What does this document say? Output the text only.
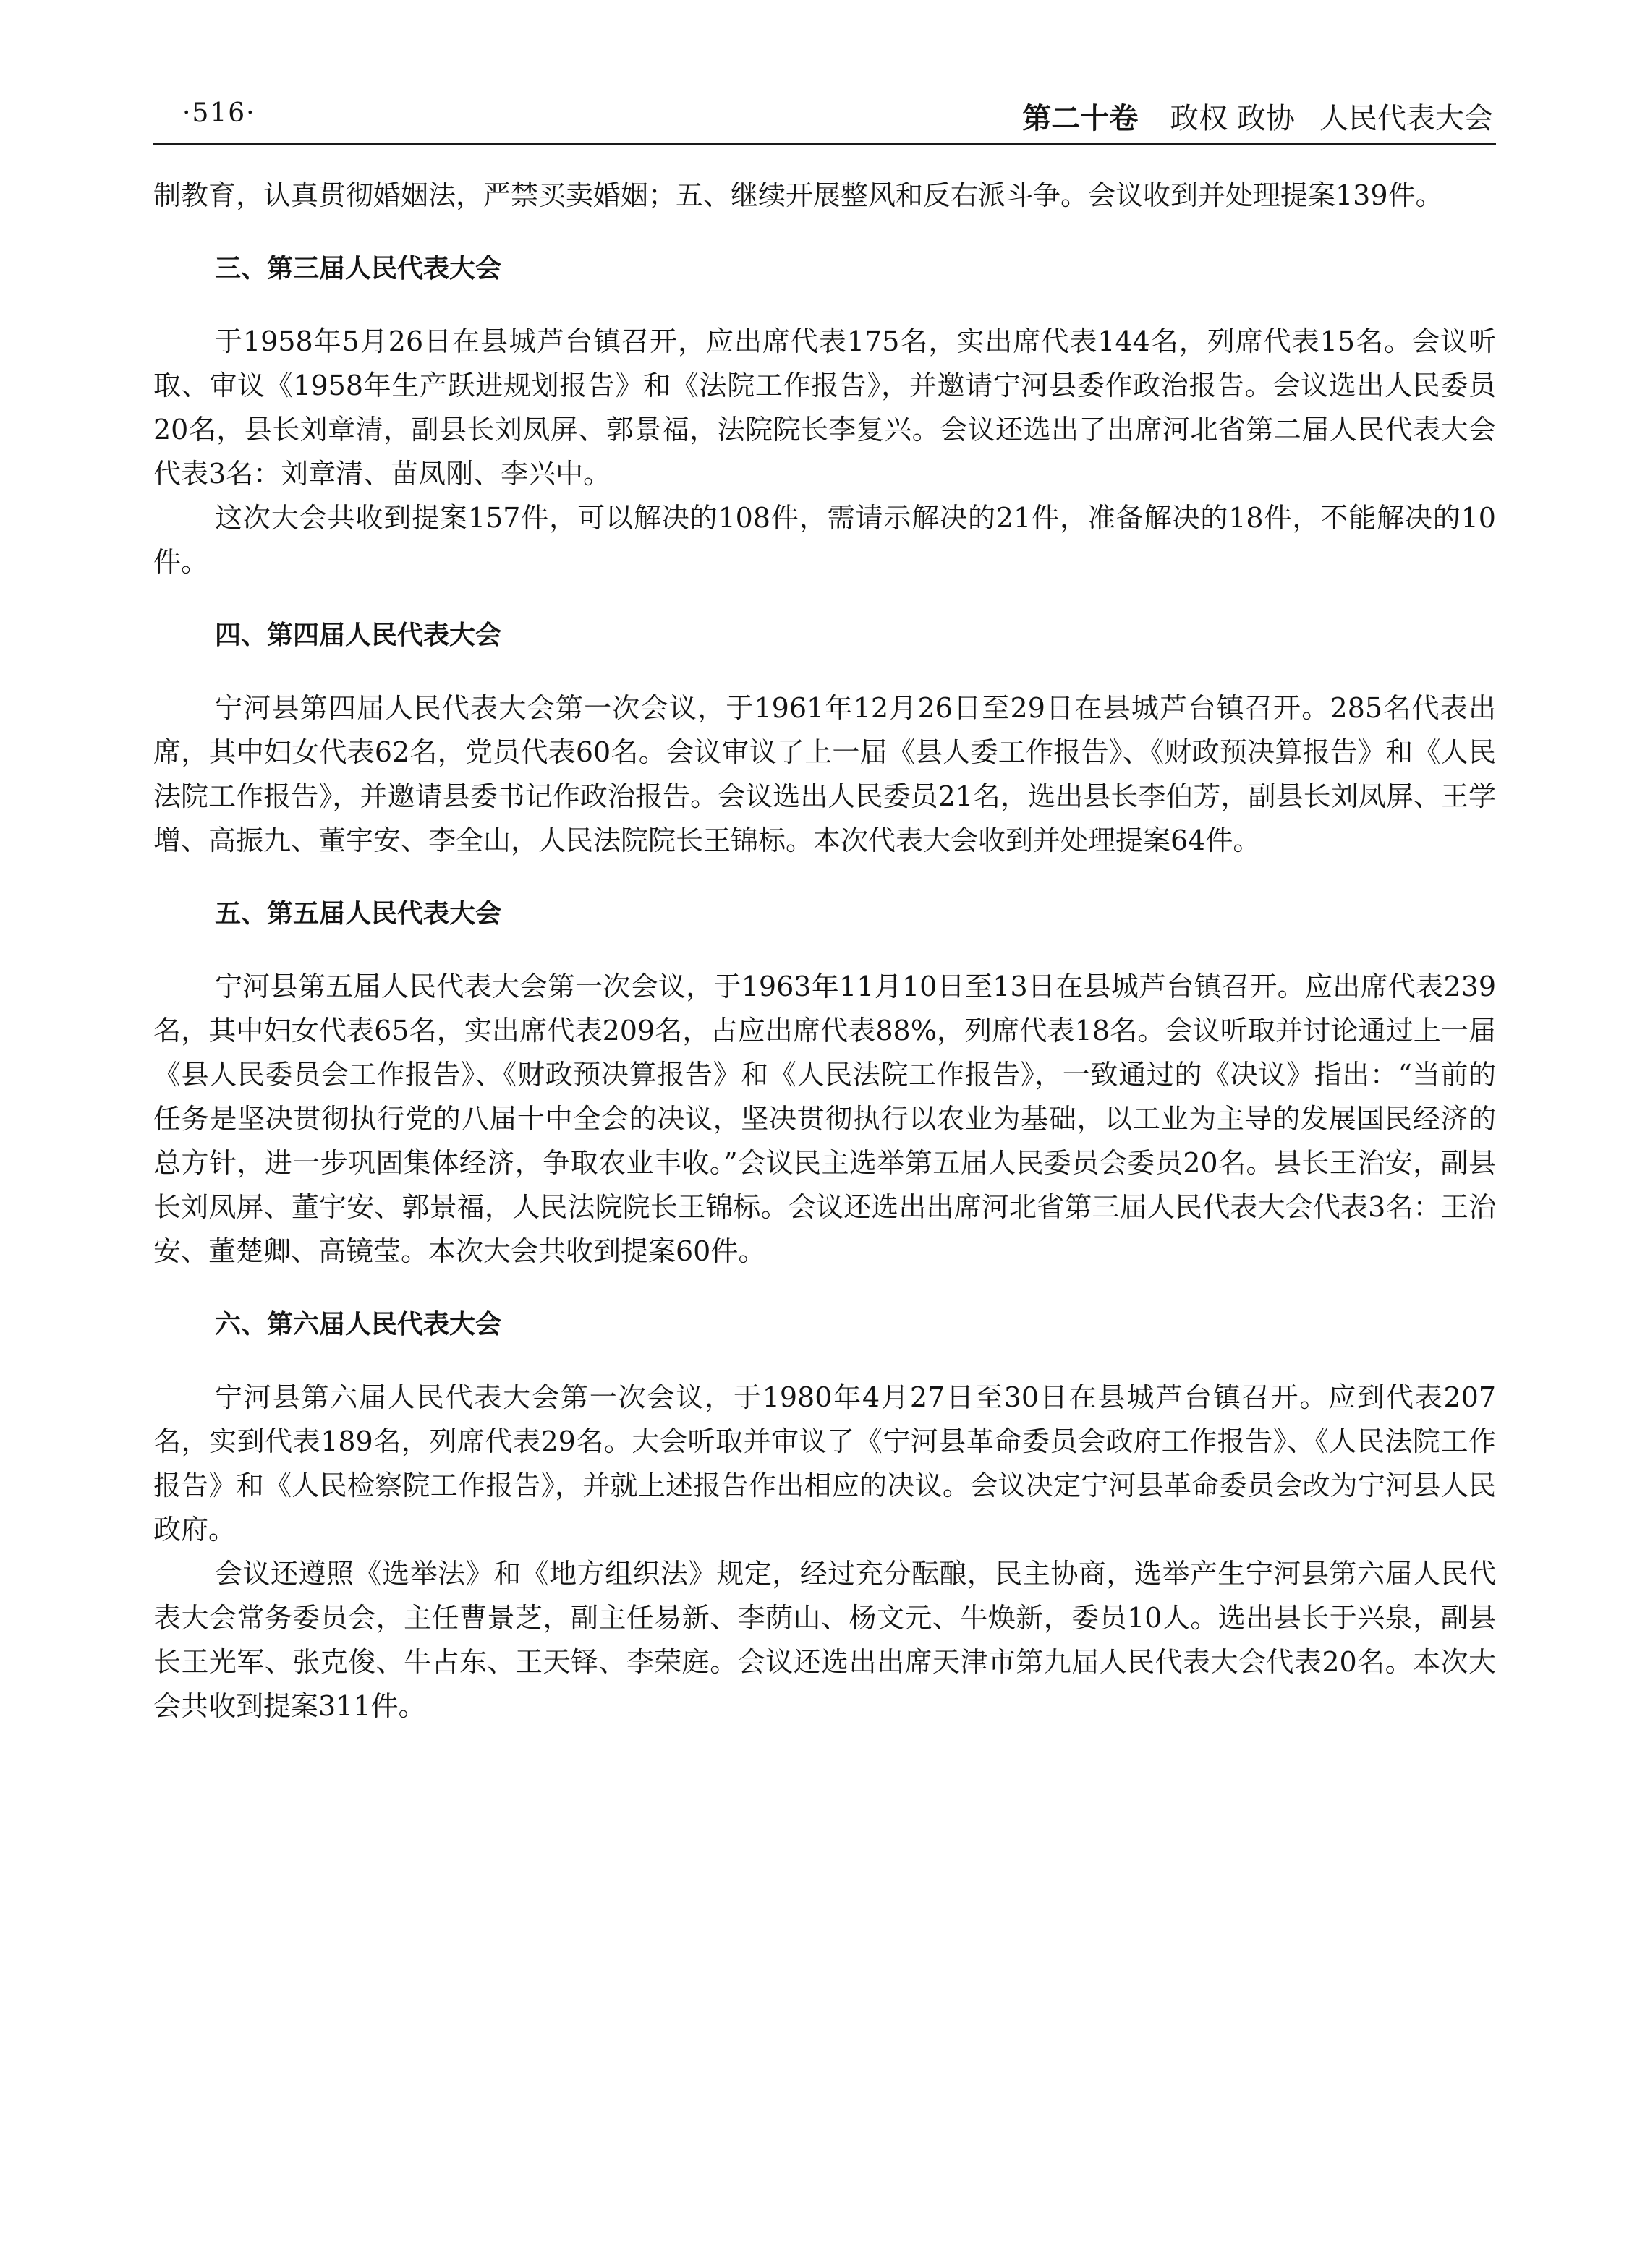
·516·	第二十卷 政权 政协 人民代表大会

制教育，认真贯彻婚姻法，严禁买卖婚姻；五、继续开展整风和反右派斗争。会议收到并处理提案139件。

三、第三届人民代表大会

于1958年5月26日在县城芦台镇召开，应出席代表175名，实出席代表144名，列席代表15名。会议听取、审议《1958年生产跃进规划报告》和《法院工作报告》，并邀请宁河县委作政治报告。会议选出人民委员20名，县长刘章清，副县长刘凤屏、郭景福，法院院长李复兴。会议还选出了出席河北省第二届人民代表大会代表3名：刘章清、苗凤刚、李兴中。

这次大会共收到提案157件，可以解决的108件，需请示解决的21件，准备解决的18件，不能解决的10件。

四、第四届人民代表大会

宁河县第四届人民代表大会第一次会议，于1961年12月26日至29日在县城芦台镇召开。285名代表出席，其中妇女代表62名，党员代表60名。会议审议了上一届《县人委工作报告》、《财政预决算报告》和《人民法院工作报告》，并邀请县委书记作政治报告。会议选出人民委员21名，选出县长李伯芳，副县长刘凤屏、王学增、高振九、董宇安、李全山，人民法院院长王锦标。本次代表大会收到并处理提案64件。

五、第五届人民代表大会

宁河县第五届人民代表大会第一次会议，于1963年11月10日至13日在县城芦台镇召开。应出席代表239名，其中妇女代表65名，实出席代表209名，占应出席代表88%，列席代表18名。会议听取并讨论通过上一届《县人民委员会工作报告》、《财政预决算报告》和《人民法院工作报告》，一致通过的《决议》指出：“当前的任务是坚决贯彻执行党的八届十中全会的决议，坚决贯彻执行以农业为基础，以工业为主导的发展国民经济的总方针，进一步巩固集体经济，争取农业丰收。”会议民主选举第五届人民委员会委员20名。县长王治安，副县长刘凤屏、董宇安、郭景福，人民法院院长王锦标。会议还选出出席河北省第三届人民代表大会代表3名：王治安、董楚卿、高镜莹。本次大会共收到提案60件。

六、第六届人民代表大会

宁河县第六届人民代表大会第一次会议，于1980年4月27日至30日在县城芦台镇召开。应到代表207名，实到代表189名，列席代表29名。大会听取并审议了《宁河县革命委员会政府工作报告》、《人民法院工作报告》和《人民检察院工作报告》，并就上述报告作出相应的决议。会议决定宁河县革命委员会改为宁河县人民政府。

会议还遵照《选举法》和《地方组织法》规定，经过充分酝酿，民主协商，选举产生宁河县第六届人民代表大会常务委员会，主任曹景芝，副主任易新、李荫山、杨文元、牛焕新，委员10人。选出县长于兴泉，副县长王光军、张克俊、牛占东、王天铎、李荣庭。会议还选出出席天津市第九届人民代表大会代表20名。本次大会共收到提案311件。
